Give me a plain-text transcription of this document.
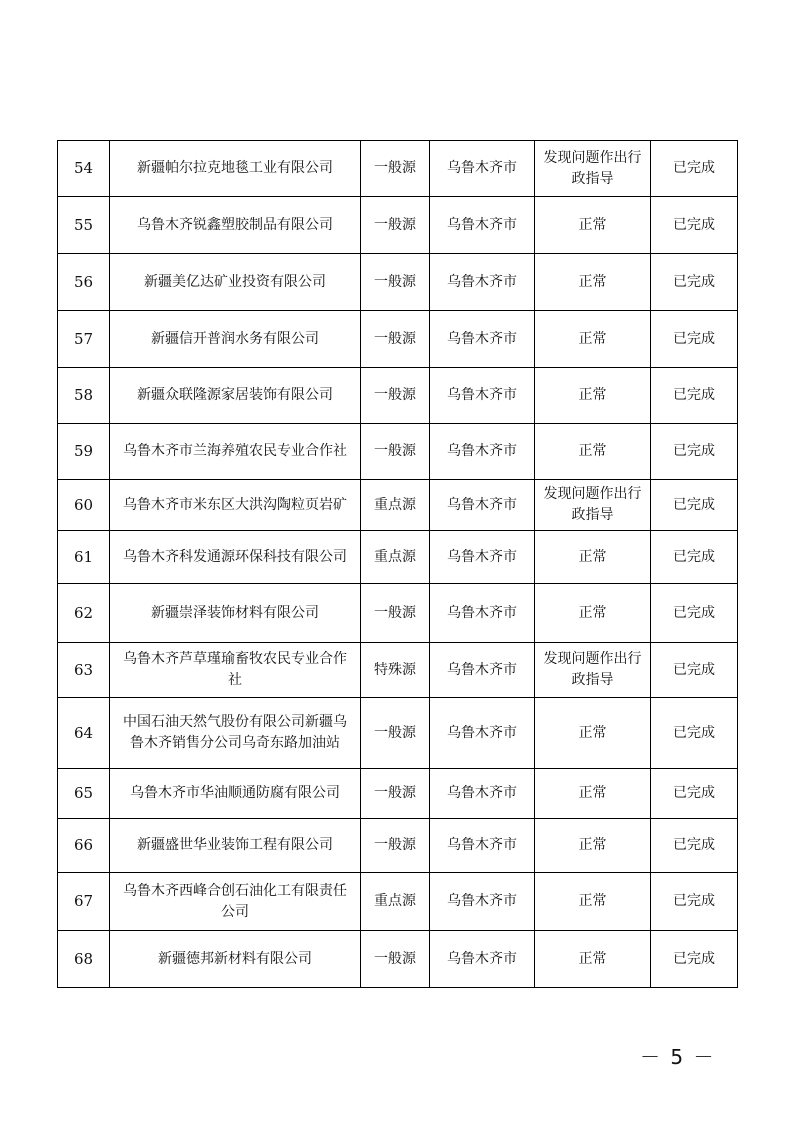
54	新疆帕尔拉克地毯工业有限公司	一般源	乌鲁木齐市	发现问题作出行政指导	已完成
55	乌鲁木齐锐鑫塑胶制品有限公司	一般源	乌鲁木齐市	正常	已完成
56	新疆美亿达矿业投资有限公司	一般源	乌鲁木齐市	正常	已完成
57	新疆信开普润水务有限公司	一般源	乌鲁木齐市	正常	已完成
58	新疆众联隆源家居装饰有限公司	一般源	乌鲁木齐市	正常	已完成
59	乌鲁木齐市兰海养殖农民专业合作社	一般源	乌鲁木齐市	正常	已完成
60	乌鲁木齐市米东区大洪沟陶粒页岩矿	重点源	乌鲁木齐市	发现问题作出行政指导	已完成
61	乌鲁木齐科发通源环保科技有限公司	重点源	乌鲁木齐市	正常	已完成
62	新疆崇泽装饰材料有限公司	一般源	乌鲁木齐市	正常	已完成
63	乌鲁木齐芦草瑾瑜畜牧农民专业合作社	特殊源	乌鲁木齐市	发现问题作出行政指导	已完成
64	中国石油天然气股份有限公司新疆乌鲁木齐销售分公司乌奇东路加油站	一般源	乌鲁木齐市	正常	已完成
65	乌鲁木齐市华油顺通防腐有限公司	一般源	乌鲁木齐市	正常	已完成
66	新疆盛世华业装饰工程有限公司	一般源	乌鲁木齐市	正常	已完成
67	乌鲁木齐西峰合创石油化工有限责任公司	重点源	乌鲁木齐市	正常	已完成
68	新疆德邦新材料有限公司	一般源	乌鲁木齐市	正常	已完成
－ 5 －
